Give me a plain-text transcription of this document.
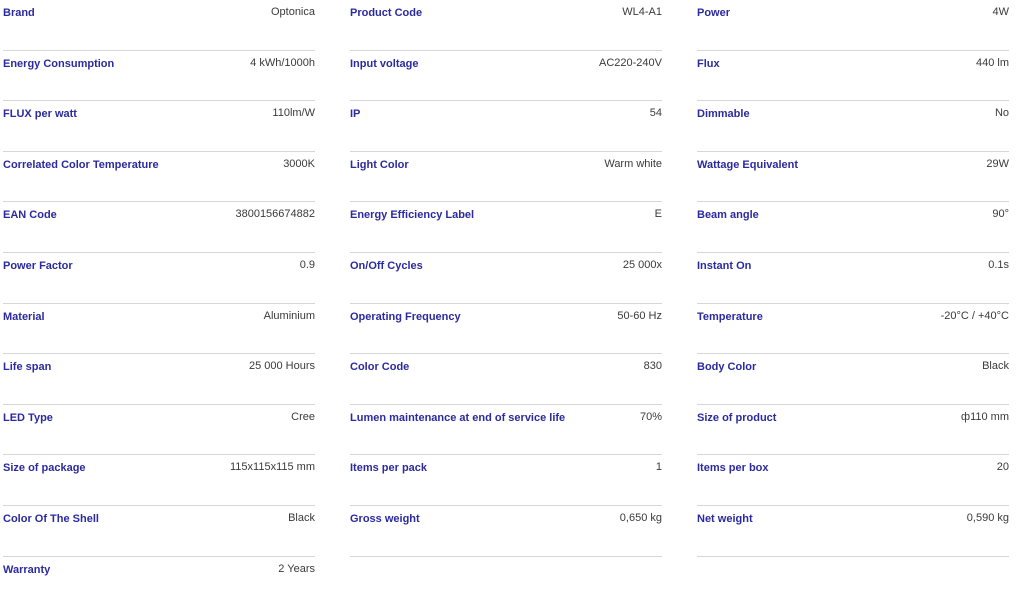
Brand	Optonica	Product Code	WL4-A1	Power	4W
Energy Consumption	4 kWh/1000h	Input voltage	AC220-240V	Flux	440 lm
FLUX per watt	110lm/W	IP	54	Dimmable	No
Correlated Color Temperature	3000K	Light Color	Warm white	Wattage Equivalent	29W
EAN Code	3800156674882	Energy Efficiency Label	E	Beam angle	90°
Power Factor	0.9	On/Off Cycles	25 000x	Instant On	0.1s
Material	Aluminium	Operating Frequency	50-60 Hz	Temperature	-20°C / +40°C
Life span	25 000 Hours	Color Code	830	Body Color	Black
LED Type	Cree	Lumen maintenance at end of service life	70%	Size of product	ф110 mm
Size of package	115x115x115 mm	Items per pack	1	Items per box	20
Color Of The Shell	Black	Gross weight	0,650 kg	Net weight	0,590 kg
Warranty	2 Years
